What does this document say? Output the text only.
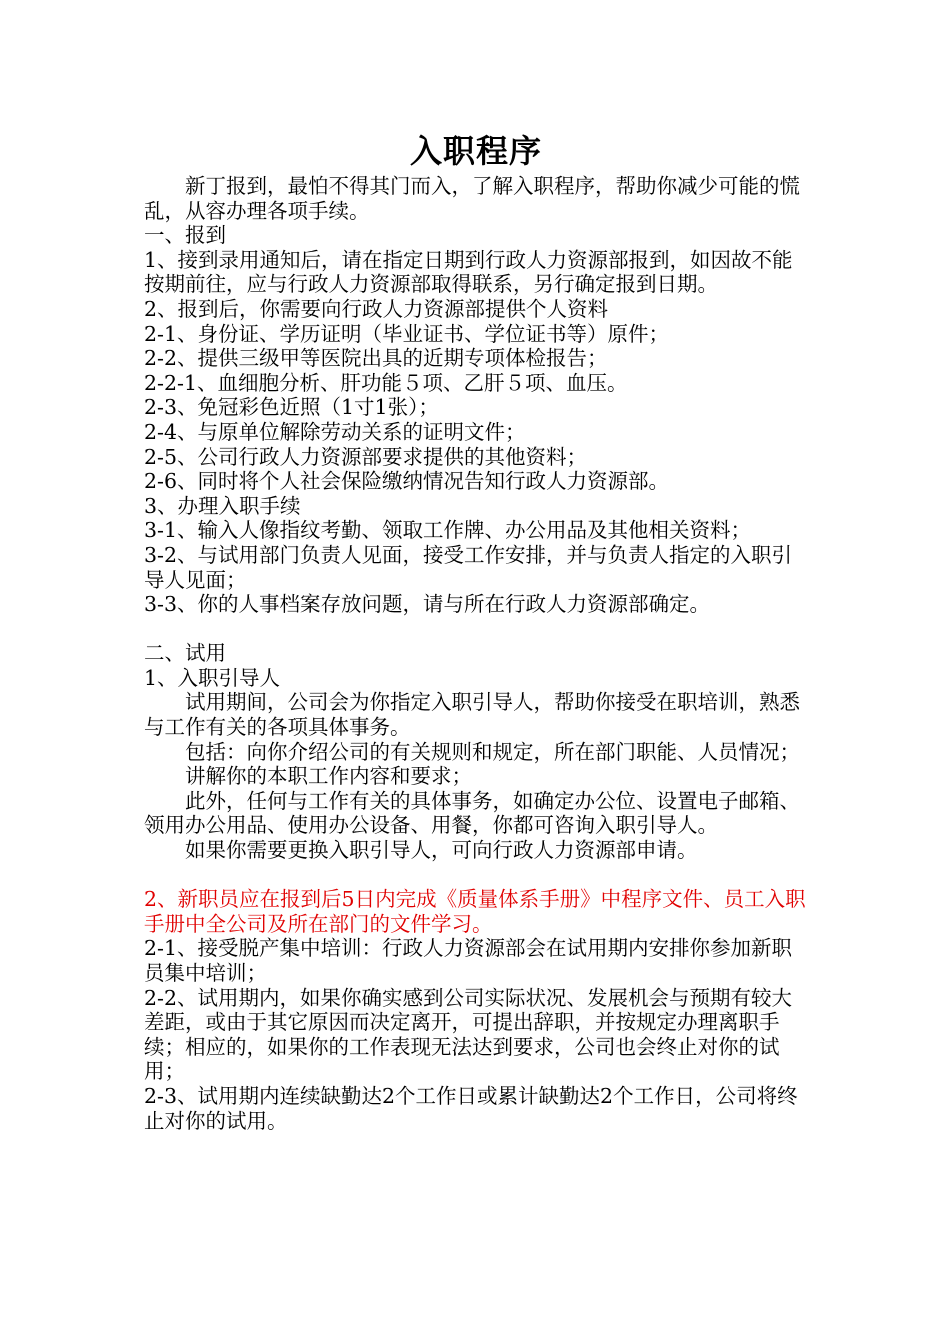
入职程序

新丁报到，最怕不得其门而入，了解入职程序，帮助你减少可能的慌乱，从容办理各项手续。

一、报到

1、接到录用通知后，请在指定日期到行政人力资源部报到，如因故不能按期前往，应与行政人力资源部取得联系，另行确定报到日期。

2、报到后，你需要向行政人力资源部提供个人资料

2-1、身份证、学历证明（毕业证书、学位证书等）原件；

2-2、提供三级甲等医院出具的近期专项体检报告；

2-2-1、血细胞分析、肝功能５项、乙肝５项、血压。

2-3、免冠彩色近照（1寸1张）；

2-4、与原单位解除劳动关系的证明文件；

2-5、公司行政人力资源部要求提供的其他资料；

2-6、同时将个人社会保险缴纳情况告知行政人力资源部。

3、办理入职手续

3-1、输入人像指纹考勤、领取工作牌、办公用品及其他相关资料；

3-2、与试用部门负责人见面，接受工作安排，并与负责人指定的入职引导人见面；

3-3、你的人事档案存放问题，请与所在行政人力资源部确定。

二、试用

1、入职引导人

试用期间，公司会为你指定入职引导人，帮助你接受在职培训，熟悉与工作有关的各项具体事务。

包括：向你介绍公司的有关规则和规定，所在部门职能、人员情况；

讲解你的本职工作内容和要求；

此外，任何与工作有关的具体事务，如确定办公位、设置电子邮箱、领用办公用品、使用办公设备、用餐，你都可咨询入职引导人。

如果你需要更换入职引导人，可向行政人力资源部申请。

2、新职员应在报到后5日内完成《质量体系手册》中程序文件、员工入职手册中全公司及所在部门的文件学习。

2-1、接受脱产集中培训：行政人力资源部会在试用期内安排你参加新职员集中培训；

2-2、试用期内，如果你确实感到公司实际状况、发展机会与预期有较大差距，或由于其它原因而决定离开，可提出辞职，并按规定办理离职手续；相应的，如果你的工作表现无法达到要求，公司也会终止对你的试用；

2-3、试用期内连续缺勤达2个工作日或累计缺勤达2个工作日，公司将终止对你的试用。
